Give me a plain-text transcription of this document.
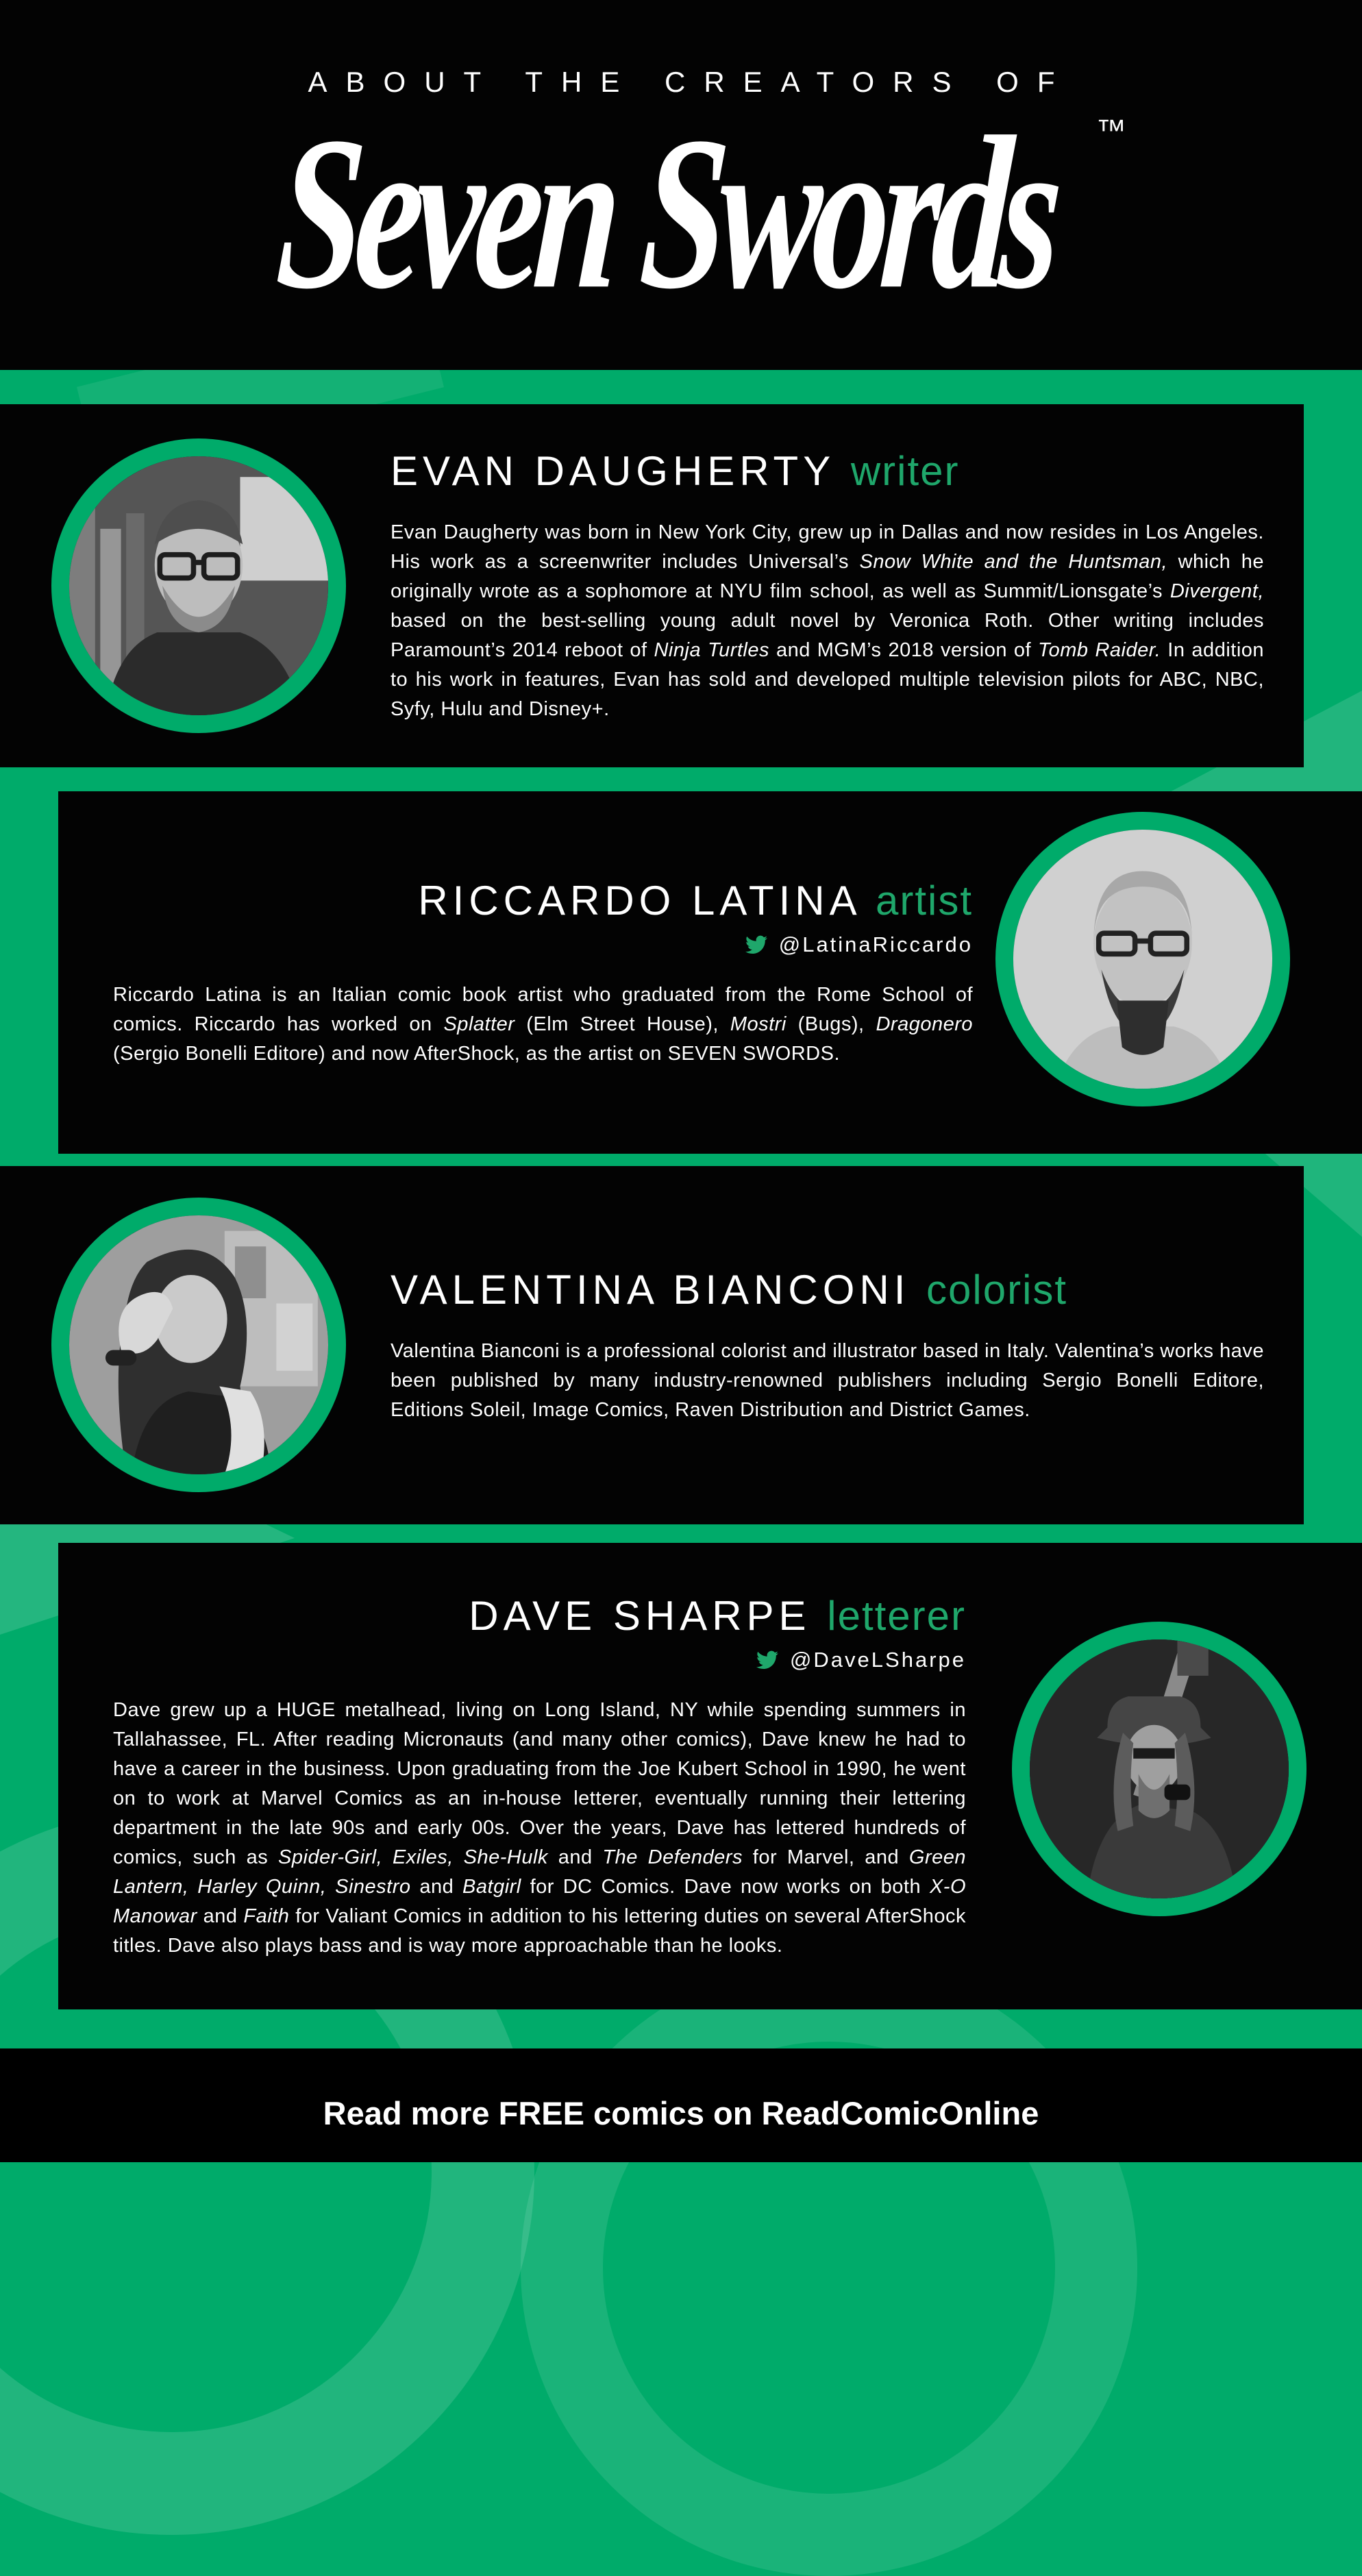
ABOUT THE CREATORS OF
Seven Swords ™
EVAN DAUGHERTY writer

Evan Daugherty was born in New York City, grew up in Dallas and now resides in Los Angeles. His work as a screenwriter includes Universal’s Snow White and the Huntsman, which he originally wrote as a sophomore at NYU film school, as well as Summit/Lionsgate’s Divergent, based on the best-selling young adult novel by Veronica Roth. Other writing includes Paramount’s 2014 reboot of Ninja Turtles and MGM’s 2018 version of Tomb Raider. In addition to his work in features, Evan has sold and developed multiple television pilots for ABC, NBC, Syfy, Hulu and Disney+.

RICCARDO LATINA artist
@LatinaRiccardo

Riccardo Latina is an Italian comic book artist who graduated from the Rome School of comics. Riccardo has worked on Splatter (Elm Street House), Mostri (Bugs), Dragonero (Sergio Bonelli Editore) and now AfterShock, as the artist on SEVEN SWORDS.

VALENTINA BIANCONI colorist

Valentina Bianconi is a professional colorist and illustrator based in Italy. Valentina’s works have been published by many industry-renowned publishers including Sergio Bonelli Editore, Editions Soleil, Image Comics, Raven Distribution and District Games.

DAVE SHARPE letterer
@DaveLSharpe

Dave grew up a HUGE metalhead, living on Long Island, NY while spending summers in Tallahassee, FL. After reading Micronauts (and many other comics), Dave knew he had to have a career in the business. Upon graduating from the Joe Kubert School in 1990, he went on to work at Marvel Comics as an in-house letterer, eventually running their lettering department in the late 90s and early 00s. Over the years, Dave has lettered hundreds of comics, such as Spider-Girl, Exiles, She-Hulk and The Defenders for Marvel, and Green Lantern, Harley Quinn, Sinestro and Batgirl for DC Comics. Dave now works on both X-O Manowar and Faith for Valiant Comics in addition to his lettering duties on several AfterShock titles. Dave also plays bass and is way more approachable than he looks.

Read more FREE comics on ReadComicOnline
